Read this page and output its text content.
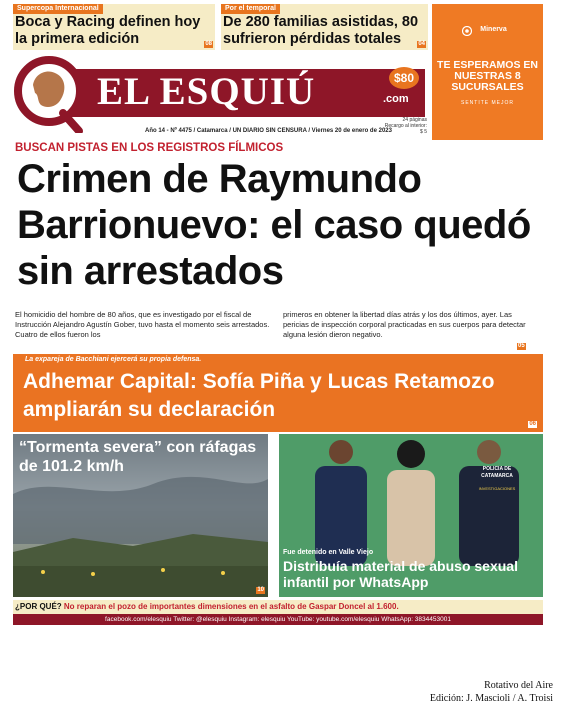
Supercopa Internacional
Boca y Racing definen hoy la primera edición	08
Por el temporal
De 280 familias asistidas, 80 sufrieron pérdidas totales	04
EL ESQUIÚ	.com
$80
24 páginas
Recargo al interior: $ 5
Año 14 - Nº 4475 / Catamarca / UN DIARIO SIN CENSURA / Viernes 20 de enero de 2023
Minerva
TE ESPERAMOS EN NUESTRAS 8 SUCURSALES
SENTITE MEJOR
BUSCAN PISTAS EN LOS REGISTROS FÍLMICOS
Crimen de Raymundo Barrionuevo: el caso quedó sin arrestados
El homicidio del hombre de 80 años, que es investigado por el fiscal de Instrucción Alejandro Agustín Gober, tuvo hasta el momento seis arrestados. Cuatro de ellos fueron los
primeros en obtener la libertad días atrás y los dos últimos, ayer. Las pericias de inspección corporal practicadas en sus cuerpos para detectar alguna lesión dieron negativo.
05
La expareja de Bacchiani ejercerá su propia defensa.
Adhemar Capital: Sofía Piña y Lucas Retamozo ampliarán su declaración
06
“Tormenta severa” con ráfagas de 101.2 km/h
10
POLICIA DE CATAMARCA
INVESTIGACIONES
Fue detenido en Valle Viejo
Distribuía material de abuso sexual infantil por WhatsApp
¿POR QUÉ? No reparan el pozo de importantes dimensiones en el asfalto de Gaspar Doncel al 1.600.
facebook.com/elesquiu Twitter: @elesquiu Instagram: elesquiu YouTube: youtube.com/elesquiu WhatsApp: 3834453001
Rotativo del Aire
Edición: J. Mascioli / A. Troisi
